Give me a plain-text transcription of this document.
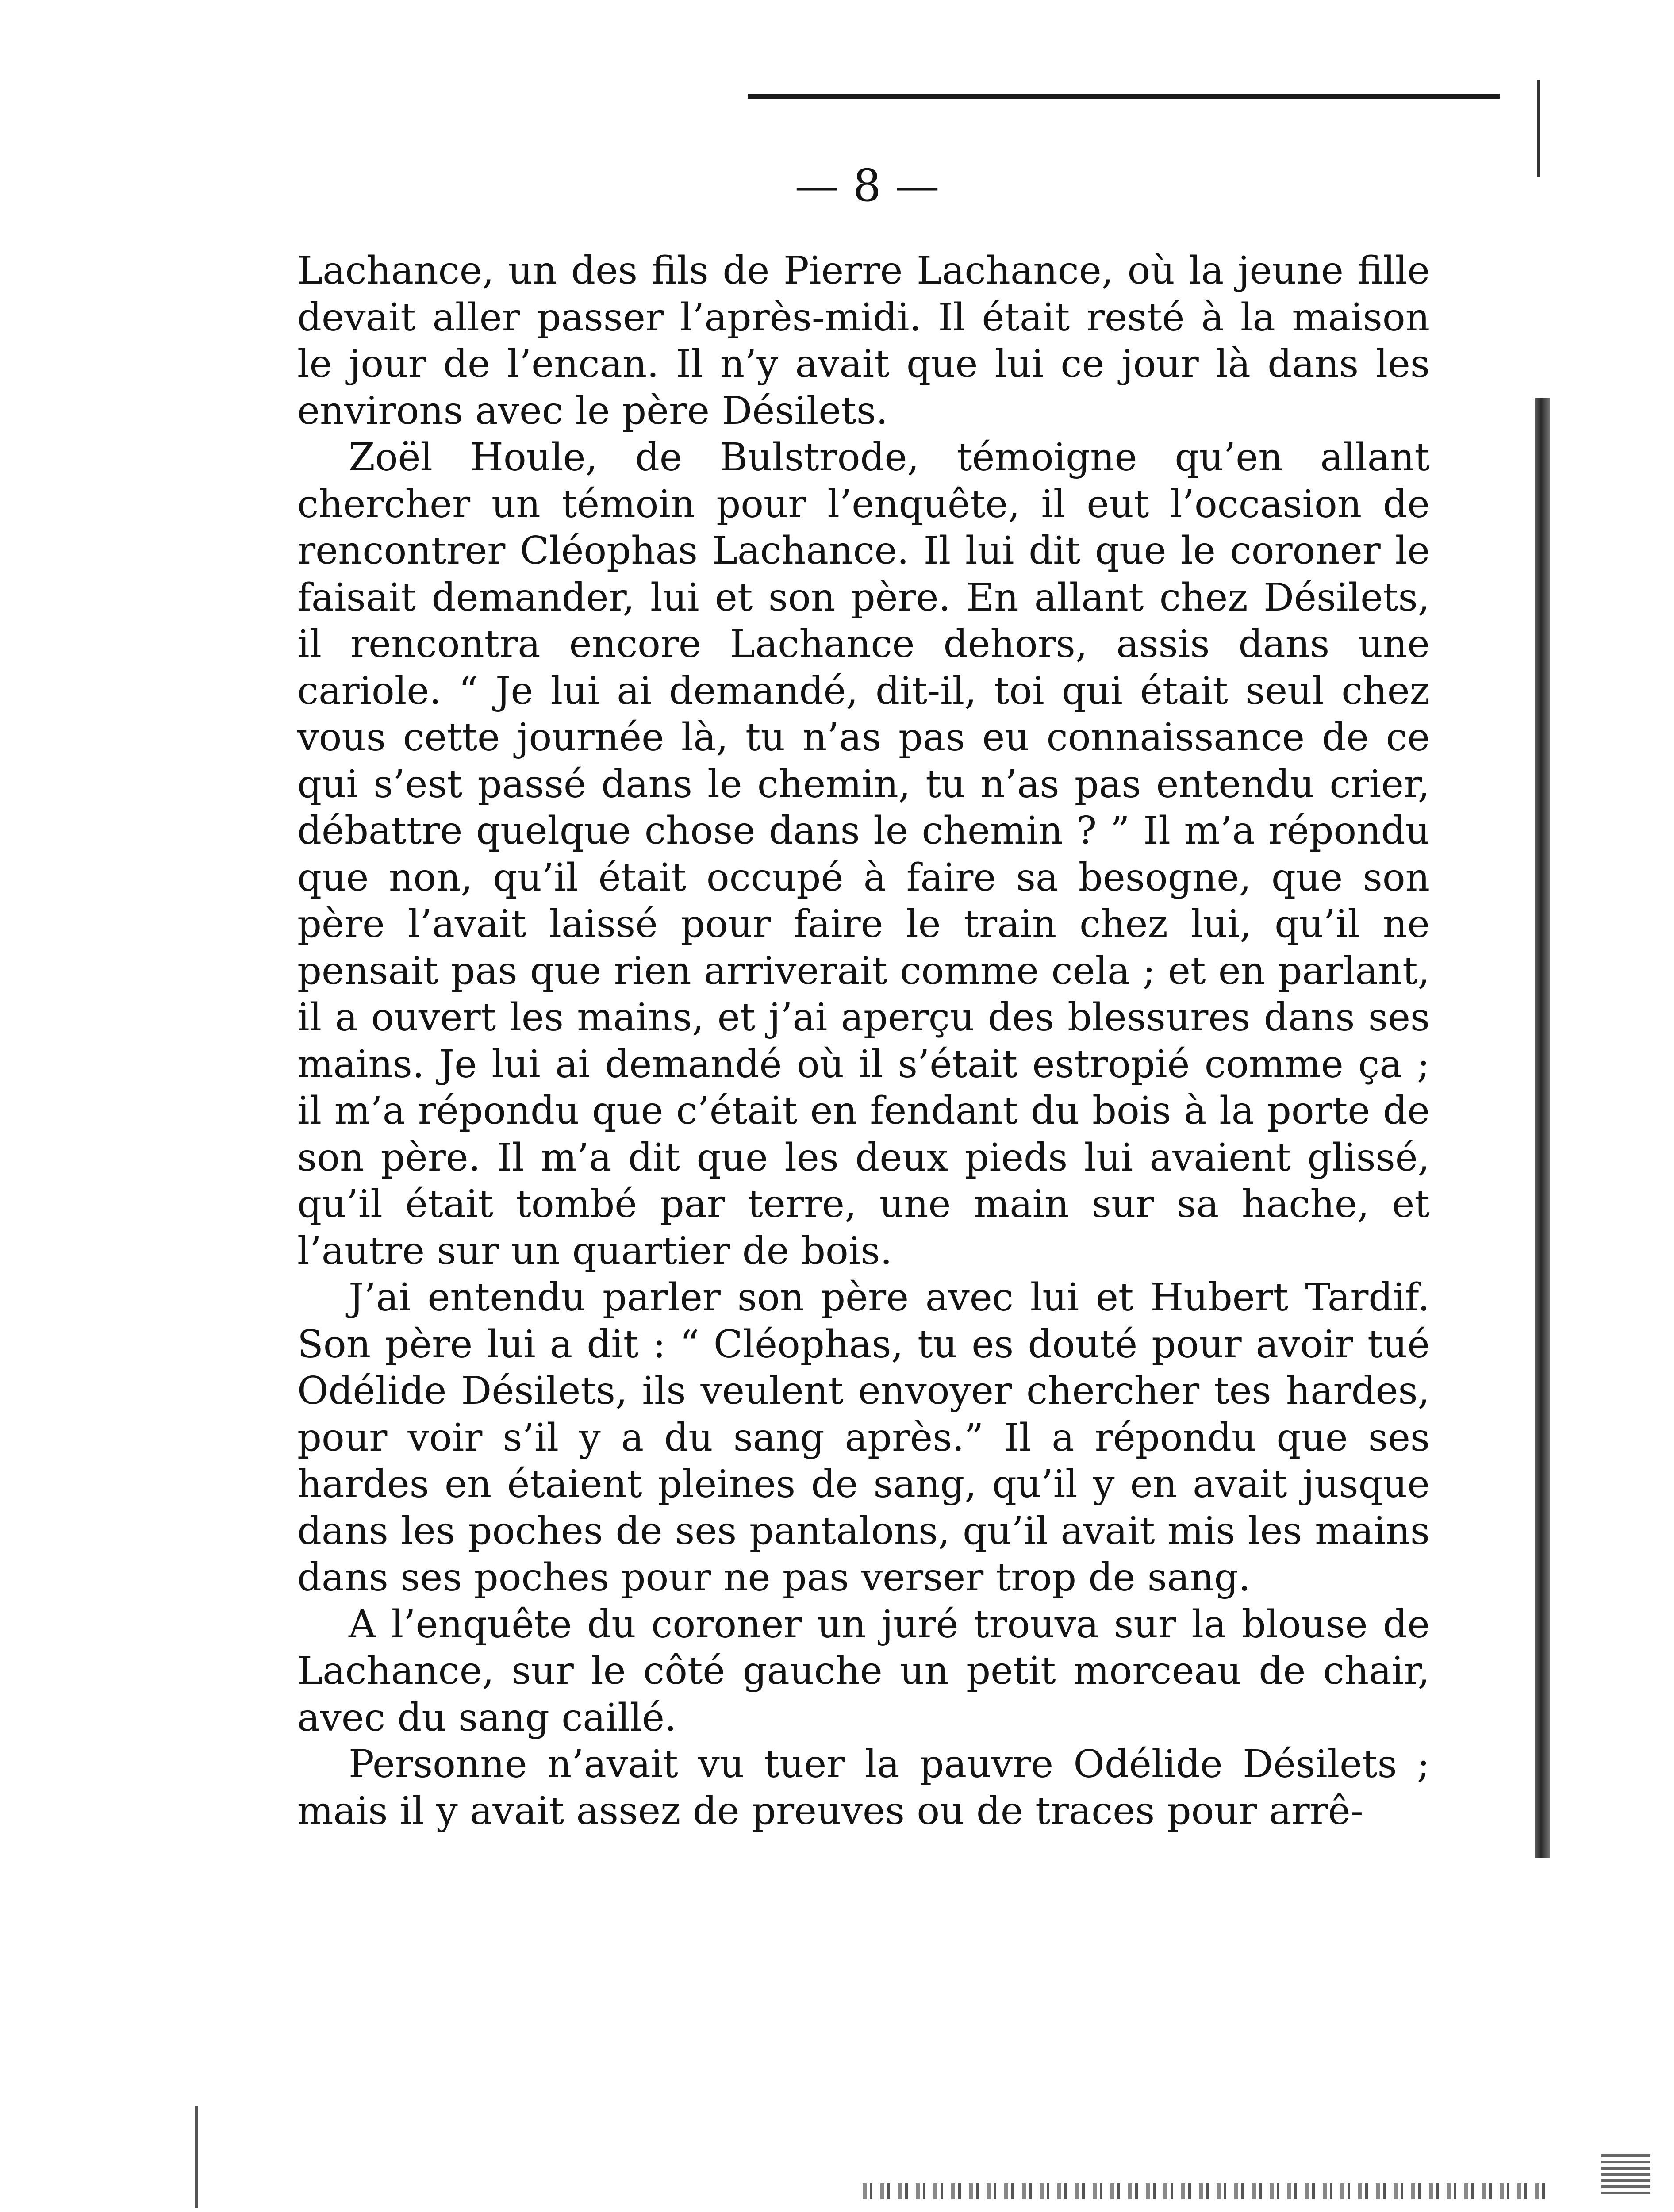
— 8 —

Lachance, un des fils de Pierre Lachance, où la jeune fille devait aller passer l’après-midi. Il était resté à la maison le jour de l’encan. Il n’y avait que lui ce jour là dans les environs avec le père Désilets.

Zoël Houle, de Bulstrode, témoigne qu’en allant chercher un témoin pour l’enquête, il eut l’occasion de rencontrer Cléophas Lachance. Il lui dit que le coroner le faisait demander, lui et son père. En allant chez Désilets, il rencontra encore Lachance dehors, assis dans une cariole. “ Je lui ai demandé, dit-il, toi qui était seul chez vous cette journée là, tu n’as pas eu connaissance de ce qui s’est passé dans le chemin, tu n’as pas entendu crier, débattre quelque chose dans le chemin ? ” Il m’a répondu que non, qu’il était occupé à faire sa besogne, que son père l’avait laissé pour faire le train chez lui, qu’il ne pensait pas que rien arriverait comme cela ; et en parlant, il a ouvert les mains, et j’ai aperçu des blessures dans ses mains. Je lui ai demandé où il s’était estropié comme ça ; il m’a répondu que c’était en fendant du bois à la porte de son père. Il m’a dit que les deux pieds lui avaient glissé, qu’il était tombé par terre, une main sur sa hache, et l’autre sur un quartier de bois.

J’ai entendu parler son père avec lui et Hubert Tardif. Son père lui a dit : “ Cléophas, tu es douté pour avoir tué Odélide Désilets, ils veulent envoyer chercher tes hardes, pour voir s’il y a du sang après.” Il a répondu que ses hardes en étaient pleines de sang, qu’il y en avait jusque dans les poches de ses pantalons, qu’il avait mis les mains dans ses poches pour ne pas verser trop de sang.

A l’enquête du coroner un juré trouva sur la blouse de Lachance, sur le côté gauche un petit morceau de chair, avec du sang caillé.

Personne n’avait vu tuer la pauvre Odélide Désilets ; mais il y avait assez de preuves ou de traces pour arrê-
